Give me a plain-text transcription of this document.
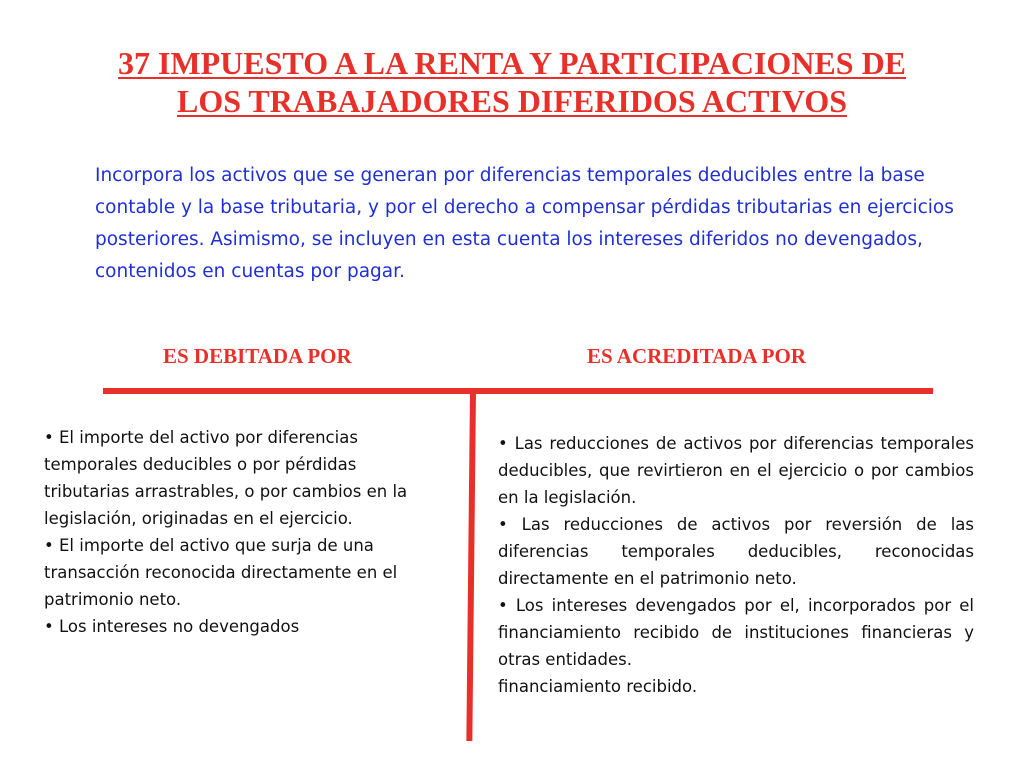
37 IMPUESTO A LA RENTA Y PARTICIPACIONES DE
LOS TRABAJADORES DIFERIDOS ACTIVOS

Incorpora los activos que se generan por diferencias temporales deducibles entre la base contable y la base tributaria, y por el derecho a compensar pérdidas tributarias en ejercicios posteriores. Asimismo, se incluyen en esta cuenta los intereses diferidos no devengados, contenidos en cuentas por pagar.

ES DEBITADA POR	ES ACREDITADA POR
• El importe del activo por diferencias temporales deducibles o por pérdidas tributarias arrastrables, o por cambios en la legislación, originadas en el ejercicio.
• El importe del activo que surja de una transacción reconocida directamente en el patrimonio neto.
• Los intereses no devengados
• Las reducciones de activos por diferencias temporales deducibles, que revirtieron en el ejercicio o por cambios en la legislación.
• Las reducciones de activos por reversión de las diferencias temporales deducibles, reconocidas directamente en el patrimonio neto.
• Los intereses devengados por el, incorporados por el financiamiento recibido de instituciones financieras y otras entidades.
financiamiento recibido.
